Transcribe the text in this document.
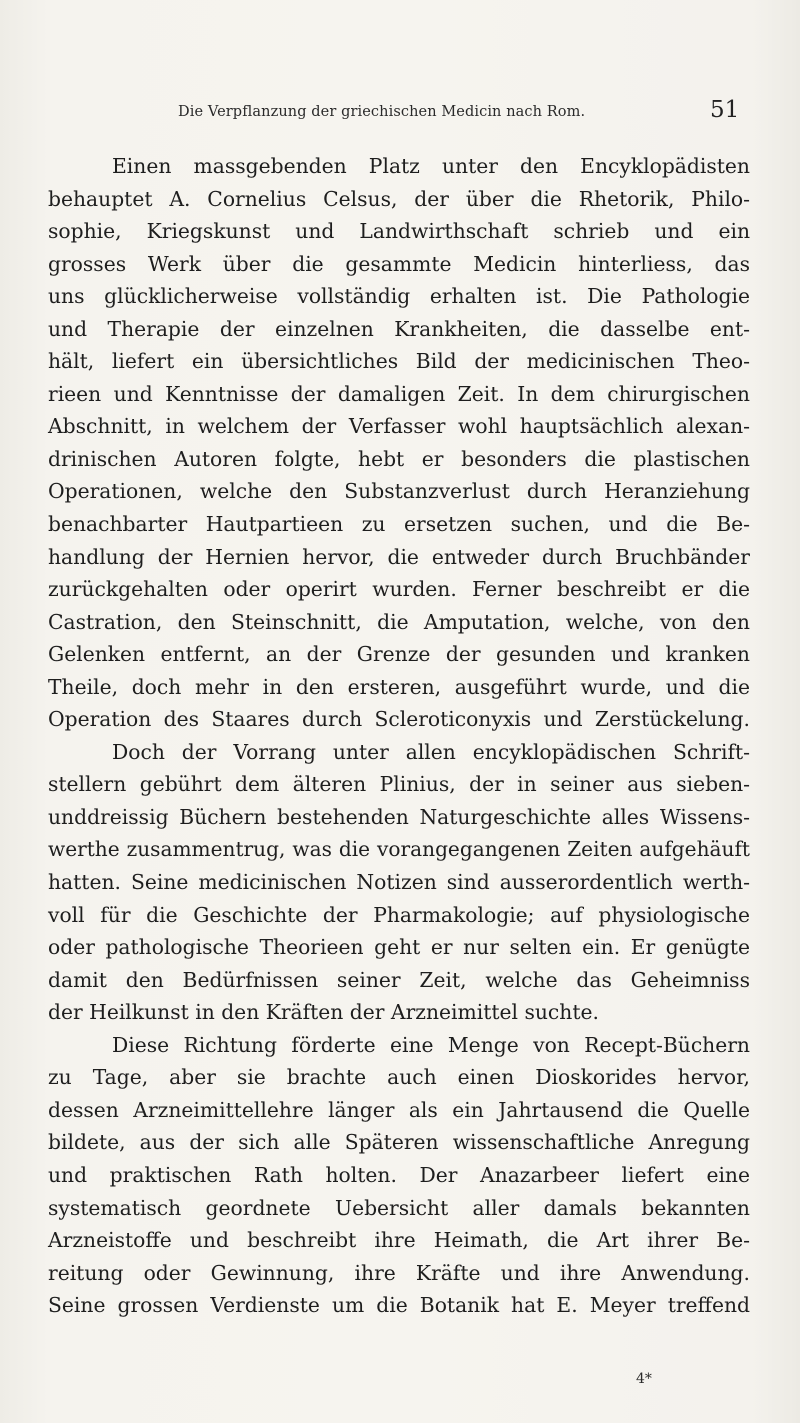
Die Verpflanzung der griechischen Medicin nach Rom.	51
Einen massgebenden Platz unter den Encyklopädisten
behauptet A. Cornelius Celsus, der über die Rhetorik, Philo-
sophie, Kriegskunst und Landwirthschaft schrieb und ein
grosses Werk über die gesammte Medicin hinterliess, das
uns glücklicherweise vollständig erhalten ist. Die Pathologie
und Therapie der einzelnen Krankheiten, die dasselbe ent-
hält, liefert ein übersichtliches Bild der medicinischen Theo-
rieen und Kenntnisse der damaligen Zeit. In dem chirurgischen
Abschnitt, in welchem der Verfasser wohl hauptsächlich alexan-
drinischen Autoren folgte, hebt er besonders die plastischen
Operationen, welche den Substanzverlust durch Heranziehung
benachbarter Hautpartieen zu ersetzen suchen, und die Be-
handlung der Hernien hervor, die entweder durch Bruchbänder
zurückgehalten oder operirt wurden. Ferner beschreibt er die
Castration, den Steinschnitt, die Amputation, welche, von den
Gelenken entfernt, an der Grenze der gesunden und kranken
Theile, doch mehr in den ersteren, ausgeführt wurde, und die
Operation des Staares durch Scleroticonyxis und Zerstückelung.
Doch der Vorrang unter allen encyklopädischen Schrift-
stellern gebührt dem älteren Plinius, der in seiner aus sieben-
unddreissig Büchern bestehenden Naturgeschichte alles Wissens-
werthe zusammentrug, was die vorangegangenen Zeiten aufgehäuft
hatten. Seine medicinischen Notizen sind ausserordentlich werth-
voll für die Geschichte der Pharmakologie; auf physiologische
oder pathologische Theorieen geht er nur selten ein. Er genügte
damit den Bedürfnissen seiner Zeit, welche das Geheimniss
der Heilkunst in den Kräften der Arzneimittel suchte.
Diese Richtung förderte eine Menge von Recept-Büchern
zu Tage, aber sie brachte auch einen Dioskorides hervor,
dessen Arzneimittellehre länger als ein Jahrtausend die Quelle
bildete, aus der sich alle Späteren wissenschaftliche Anregung
und praktischen Rath holten. Der Anazarbeer liefert eine
systematisch geordnete Uebersicht aller damals bekannten
Arzneistoffe und beschreibt ihre Heimath, die Art ihrer Be-
reitung oder Gewinnung, ihre Kräfte und ihre Anwendung.
Seine grossen Verdienste um die Botanik hat E. Meyer treffend
4*
